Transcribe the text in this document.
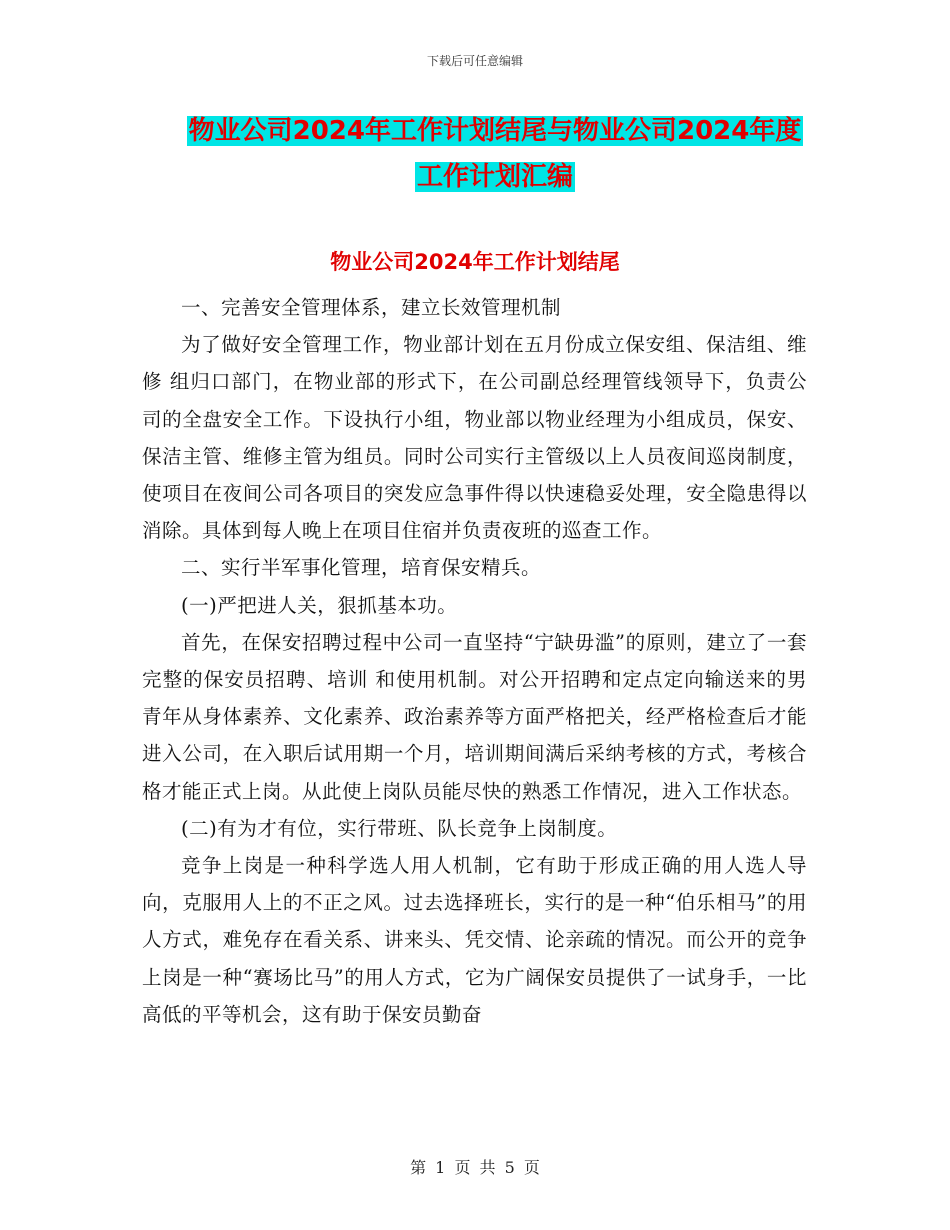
下载后可任意编辑
物业公司2024年工作计划结尾与物业公司2024年度
工作计划汇编
物业公司2024年工作计划结尾

一、完善安全管理体系，建立长效管理机制

为了做好安全管理工作，物业部计划在五月份成立保安组、保洁组、维修 组归口部门，在物业部的形式下，在公司副总经理管线领导下，负责公司的全盘安全工作。下设执行小组，物业部以物业经理为小组成员，保安、保洁主管、维修主管为组员。同时公司实行主管级以上人员夜间巡岗制度，使项目在夜间公司各项目的突发应急事件得以快速稳妥处理，安全隐患得以消除。具体到每人晚上在项目住宿并负责夜班的巡查工作。

二、实行半军事化管理，培育保安精兵。

(一)严把进人关，狠抓基本功。

首先，在保安招聘过程中公司一直坚持“宁缺毋滥”的原则，建立了一套完整的保安员招聘、培训 和使用机制。对公开招聘和定点定向输送来的男青年从身体素养、文化素养、政治素养等方面严格把关，经严格检查后才能进入公司，在入职后试用期一个月，培训期间满后采纳考核的方式，考核合格才能正式上岗。从此使上岗队员能尽快的熟悉工作情况，进入工作状态。

(二)有为才有位，实行带班、队长竞争上岗制度。

竞争上岗是一种科学选人用人机制，它有助于形成正确的用人选人导向，克服用人上的不正之风。过去选择班长，实行的是一种“伯乐相马”的用人方式，难免存在看关系、讲来头、凭交情、论亲疏的情况。而公开的竞争上岗是一种“赛场比马”的用人方式，它为广阔保安员提供了一试身手，一比高低的平等机会，这有助于保安员勤奋

第 1 页 共 5 页
